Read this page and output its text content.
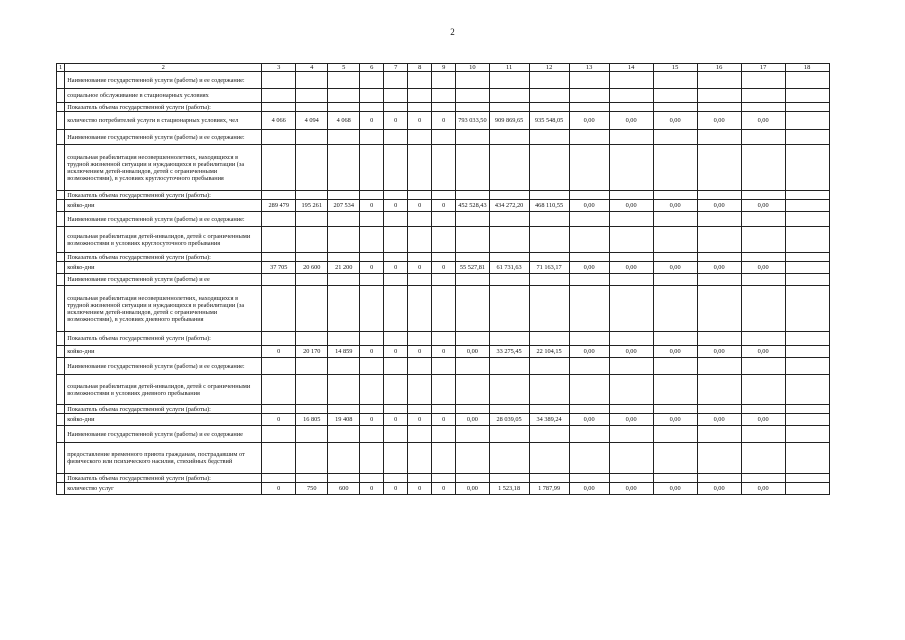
2
1	2	3	4	5	6	7	8	9	10	11	12	13	14	15	16	17	18
	Наименование государственной услуги (работы) и ее содержание:																
	социальное обслуживание в стационарных условиях																
	Показатель объема государственной услуги (работы):																
	количество потребителей услуги в стационарных условиях, чел	4 066	4 094	4 068	0	0	0	0	793 033,50	909 869,65	935 548,05	0,00	0,00	0,00	0,00	0,00	
	Наименование государственной услуги (работы) и ее содержание:																
	социальная реабилитация несовершеннолетних, находящихся в трудной жизненной ситуации и нуждающихся в реабилитации (за исключением детей-инвалидов, детей с ограниченными возможностями), в условиях круглосуточного пребывания																
	Показатель объема государственной услуги (работы):																
	койко-дни	289 479	195 261	207 534	0	0	0	0	452 528,43	434 272,20	468 110,55	0,00	0,00	0,00	0,00	0,00	
	Наименование государственной услуги (работы) и ее содержание:																
	социальная реабилитация детей-инвалидов, детей с ограниченными возможностями в условиях круглосуточного пребывания																
	Показатель объема государственной услуги (работы):																
	койко-дни	37 705	20 600	21 200	0	0	0	0	55 527,81	61 731,63	71 163,17	0,00	0,00	0,00	0,00	0,00	
	Наименование государственной услуги (работы) и ее																
	социальная реабилитация несовершеннолетних, находящихся в трудной жизненной ситуации и нуждающихся в реабилитации (за исключением детей-инвалидов, детей с ограниченными возможностями), в условиях дневного пребывания																
	Показатель объема государственной услуги (работы):																
	койко-дни	0	20 170	14 859	0	0	0	0	0,00	33 275,45	22 104,15	0,00	0,00	0,00	0,00	0,00	
	Наименование государственной услуги (работы) и ее содержание:																
	социальная реабилитация детей-инвалидов, детей с ограниченными возможностями в условиях дневного пребывания																
	Показатель объема государственной услуги (работы):																
	койко-дни	0	16 805	19 408	0	0	0	0	0,00	28 039,05	34 389,24	0,00	0,00	0,00	0,00	0,00	
	Наименование государственной услуги (работы) и ее содержание																
	предоставление временного приюта гражданам, пострадавшим от физического или психического насилия, стихийных бедствий																
	Показатель объема государственной услуги (работы):																
	количество услуг	0	750	600	0	0	0	0	0,00	1 523,18	1 787,99	0,00	0,00	0,00	0,00	0,00	
